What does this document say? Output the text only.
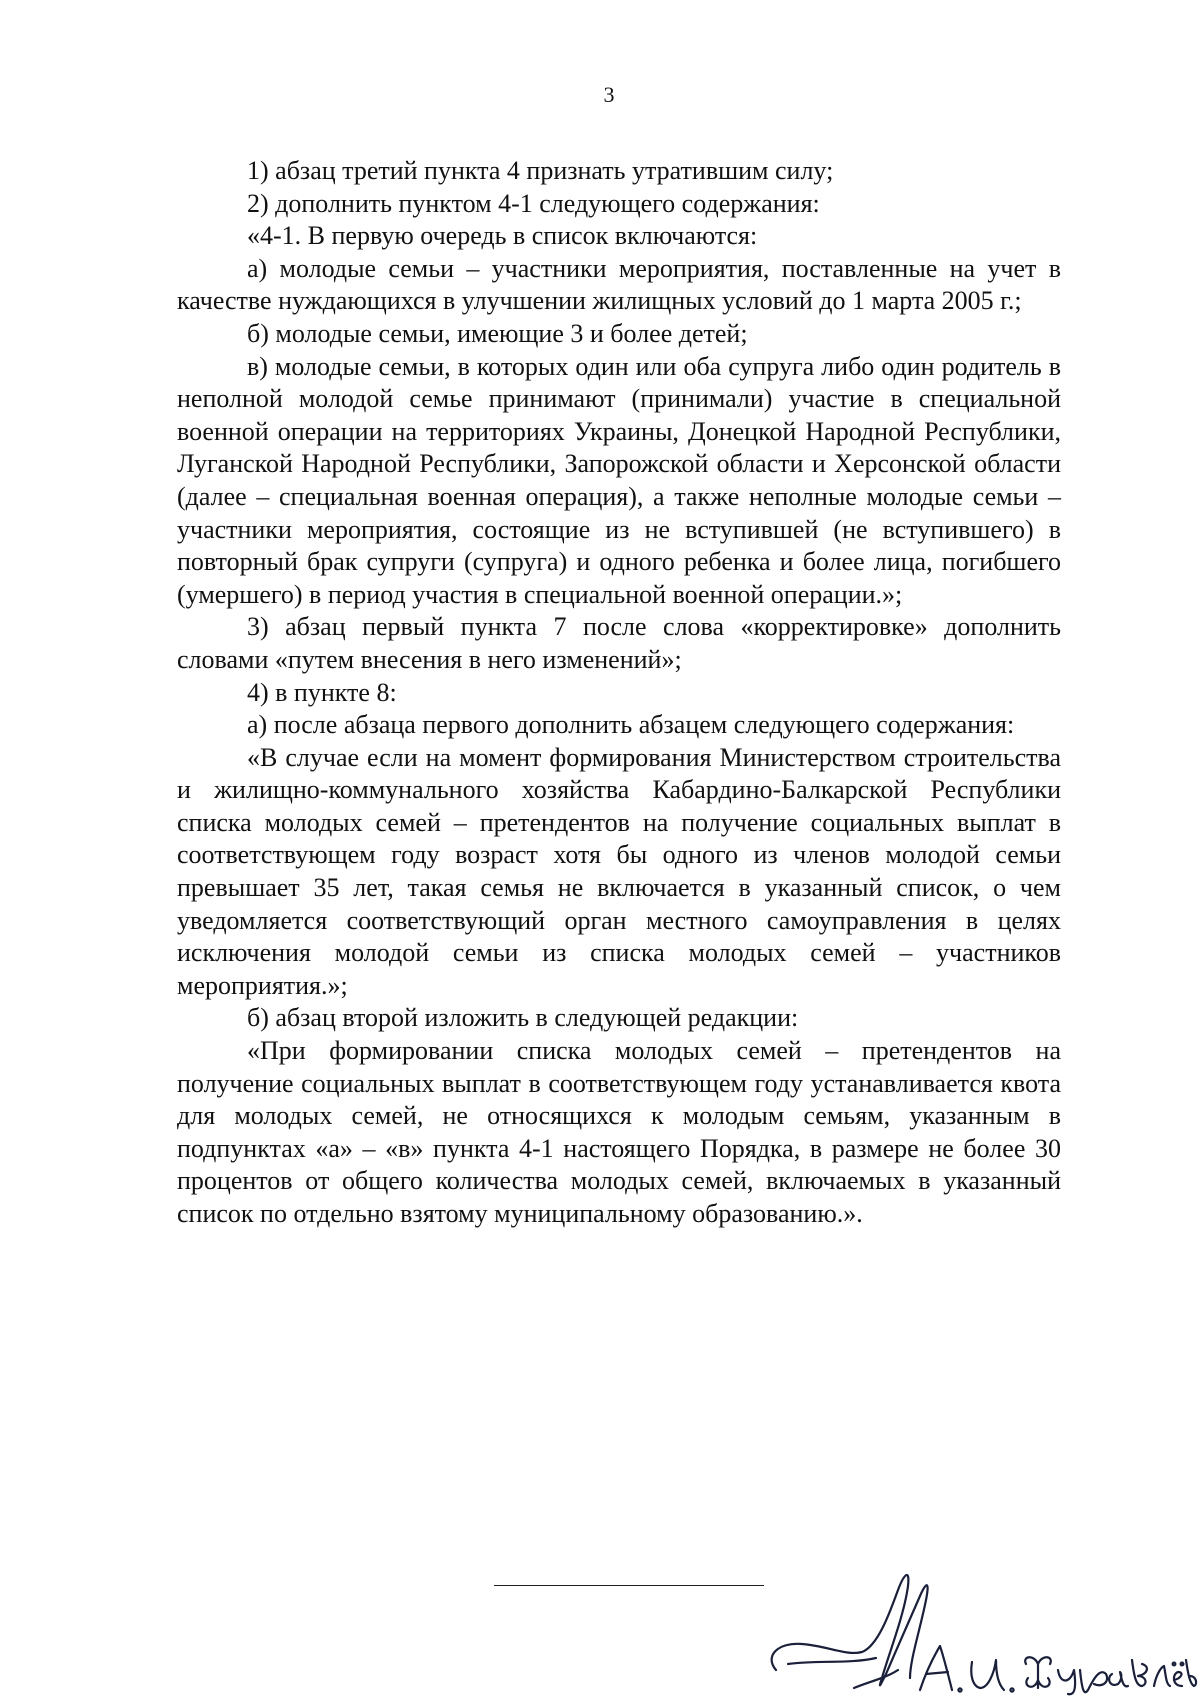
3

1) абзац третий пункта 4 признать утратившим силу;

2) дополнить пунктом 4-1 следующего содержания:

«4-1. В первую очередь в список включаются:

а) молодые семьи – участники мероприятия, поставленные на учет в качестве нуждающихся в улучшении жилищных условий до 1 марта 2005 г.;

б) молодые семьи, имеющие 3 и более детей;

в) молодые семьи, в которых один или оба супруга либо один родитель в неполной молодой семье принимают (принимали) участие в специальной военной операции на территориях Украины, Донецкой Народной Республики, Луганской Народной Республики, Запорожской области и Херсонской области (далее – специальная военная операция), а также неполные молодые семьи – участники мероприятия, состоящие из не вступившей (не вступившего) в повторный брак супруги (супруга) и одного ребенка и более лица, погибшего (умершего) в период участия в специальной военной операции.»;

3) абзац первый пункта 7 после слова «корректировке» дополнить словами «путем внесения в него изменений»;

4) в пункте 8:

а) после абзаца первого дополнить абзацем следующего содержания:

«В случае если на момент формирования Министерством строительства и жилищно-коммунального хозяйства Кабардино-Балкарской Республики списка молодых семей – претендентов на получение социальных выплат в соответствующем году возраст хотя бы одного из членов молодой семьи превышает 35 лет, такая семья не включается в указанный список, о чем уведомляется соответствующий орган местного самоуправления в целях исключения молодой семьи из списка молодых семей – участников мероприятия.»;

б) абзац второй изложить в следующей редакции:

«При формировании списка молодых семей – претендентов на получение социальных выплат в соответствующем году устанавливается квота для молодых семей, не относящихся к молодым семьям, указанным в подпунктах «а» – «в» пункта 4-1 настоящего Порядка, в размере не более 30 процентов от общего количества молодых семей, включаемых в указанный список по отдельно взятому муниципальному образованию.».
